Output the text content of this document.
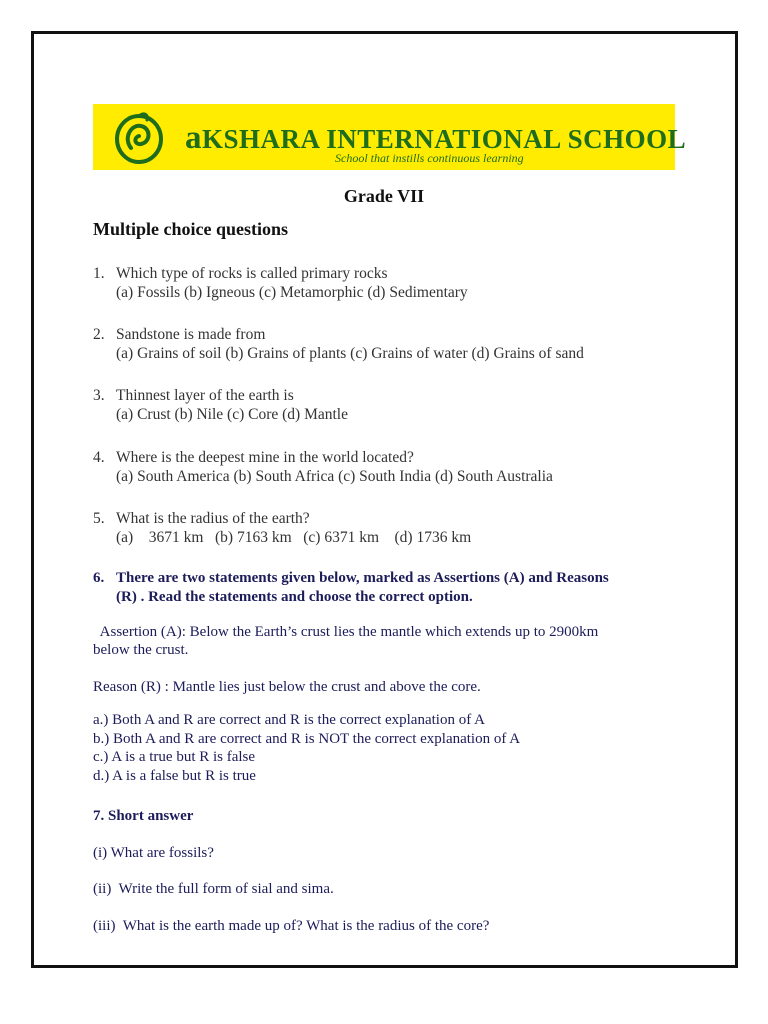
aKSHARA INTERNATIONAL SCHOOL
School that instills continuous learning
Grade VII
Multiple choice questions
1. Which type of rocks is called primary rocks
(a) Fossils (b) Igneous (c) Metamorphic (d) Sedimentary
2. Sandstone is made from
(a) Grains of soil (b) Grains of plants (c) Grains of water (d) Grains of sand
3. Thinnest layer of the earth is
(a) Crust (b) Nile (c) Core (d) Mantle
4. Where is the deepest mine in the world located?
(a) South America (b) South Africa (c) South India (d) South Australia
5. What is the radius of the earth?
(a)    3671 km   (b) 7163 km   (c) 6371 km    (d) 1736 km
6. There are two statements given below, marked as Assertions (A) and Reasons
(R) . Read the statements and choose the correct option.
Assertion (A): Below the Earth’s crust lies the mantle which extends up to 2900km
below the crust.
Reason (R) : Mantle lies just below the crust and above the core.
a.) Both A and R are correct and R is the correct explanation of A
b.) Both A and R are correct and R is NOT the correct explanation of A
c.) A is a true but R is false
d.) A is a false but R is true
7. Short answer
(i) What are fossils?
(ii)  Write the full form of sial and sima.
(iii)  What is the earth made up of? What is the radius of the core?
